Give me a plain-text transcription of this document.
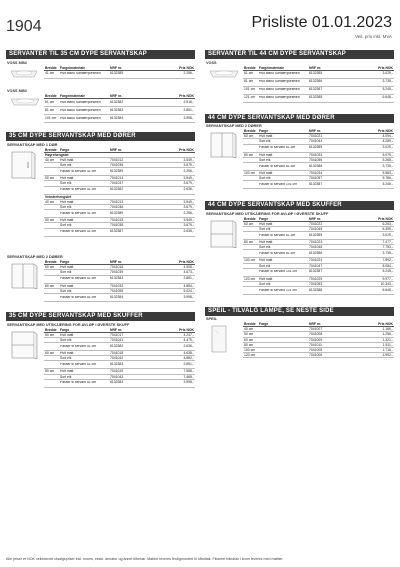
1904	Prisliste 01.01.2023
Veil. pris inkl. MVA
SERVANTER TIL 35 CM DYPE SERVANTSKAP
VOSS MINI
Bredde Farge/materiale	NRF nr.	Pris NOK
41 cm	Hvit blank Sanitærporselen	6132389	2.256,-
VOSS MINI
Bredde Farge/materiale	NRF nr.	Pris NOK
61 cm	Hvit blank Sanitærporselen	6132382	2.516,-
81 cm	Hvit blank Sanitærporselen	6132383	2.851,-
101 cm	Hvit blank Sanitærporselen	6132384	3.998,-
35 CM DYPE SERVANTSKAP MED DØRER
SERVANTSKAP MED 1 DØR
Bredde Farge	NRF nr.	Pris NOK
Høyrehengslet
40 cm	Hvit matt	7041012	3.549,-
Sort eik	7041036	3.679,-
Passer til servant 41 cm	6132389	2.256,-
50 cm	Hvit matt	7041014	3.549,-
Sort eik	7041037	3.679,-
Passer til servant 51 cm	6132382	2.636,-
Venstrehengslet
40 cm	Hvit matt	7041013	3.549,-
Sort eik	7041036	3.679,-
Passer til servant 41 cm	6132389	2.256,-
50 cm	Hvit matt	7041015	3.549,-
Sort eik	7041038	3.679,-
Passer til servant 51 cm	6132387	2.636,-
SERVANTSKAP MED 2 DØRER
Bredde Farge	NRF nr.	Pris NOK
60 cm	Hvit matt	7041016	4.508,-
Sort eik	7041039	4.673,-
Passer til servant 61 cm	6132383	2.851,-
80 cm	Hvit matt	7041032	4.854,-
Sort eik	7041055	5.024,-
Passer til servant 81 cm	6132384	3.998,-
35 CM DYPE SERVANTSKAP MED SKUFFER
SERVANTSKAP MED UTSKJÆRING FOR AVLØP I ØVERSTE SKUFF
Bredde Farge	NRF nr.	Pris NOK
50 cm	Hvit matt	7041017	4.247,-
Sort eik	7041041	4.479,-
Passer til servant 51 cm	6132382	2.636,-
60 cm	Hvit matt	7041018	4.638,-
Sort eik	7041042	4.882,-
Passer til servant 61 cm	6132383	2.851,-
80 cm	Hvit matt	7041019	7.558,-
Sort eik	7041043	7.468,-
Passer til servant 81 cm	6132384	3.998,-
SERVANTER TIL 44 CM DYPE SERVANTSKAP
VOSS
Bredde Farge/materiale	NRF nr.	Pris NOK
61 cm	Hvit blank Sanitærporselen	6132385	3.029,-
81 cm	Hvit blank Sanitærporselen	6132386	3.735,-
101 cm	Hvit blank Sanitærporselen	6132387	5.245,-
121 cm	Hvit blank Sanitærporselen	6132388	6.648,-
44 CM DYPE SERVANTSKAP MED DØRER
SERVANTSKAP MED 2 DØRER
Bredde Farge	NRF nr.	Pris NOK
60 cm	Hvit matt	7041021	4.094,-
Sort eik	7041044	4.289,-
Passer til servant 61 cm	6132385	3.029,-
80 cm	Hvit matt	7041033	5.079,-
Sort eik	7041056	5.268,-
Passer til servant 81 cm	6132386	3.735,-
100 cm	Hvit matt	7041034	5.583,-
Sort eik	7041057	5.786,-
Passer til servant 101 cm	6132387	5.245,-
44 CM DYPE SERVANTSKAP MED SKUFFER
SERVANTSKAP MED UTSKJÆRING FOR AVLØP I ØVERSTE SKUFF
Bredde Farge	NRF nr.	Pris NOK
60 cm	Hvit matt	7041022	6.253,-
Sort eik	7041045	6.399,-
Passer til servant 61 cm	6132385	3.029,-
80 cm	Hvit matt	7041023	7.477,-
Sort eik	7041046	7.753,-
Passer til servant 81 cm	6132386	3.735,-
100 cm	Hvit matt	7041024	7.892,-
Sort eik	7041047	8.084,-
Passer til servant 101 cm	6132387	5.245,-
120 cm	Hvit matt	7041029	9.977,-
Sort eik	7041053	10.343,-
Passer til servant 121 cm	6132388	6.648,-
SPEIL - TILVALG LAMPE, SE NESTE SIDE
SPEIL
Bredde Farge	NRF nr.	Pris NOK
40 cm	7041007	1.166,-
50 cm	7041008	1.256,-
60 cm	7041009	1.321,-
80 cm	7041011	1.511,-
100 cm	7041005	1.716,-
120 cm	7041006	1.992,-
Alle priser er NOK veiledende utsalgspriser inkl. moms, ekskl. armatur og annet tilbehør. Møbler leveres ferdigmontert til håndtak. Fikseret håndtak i krom leveres med møbler.
